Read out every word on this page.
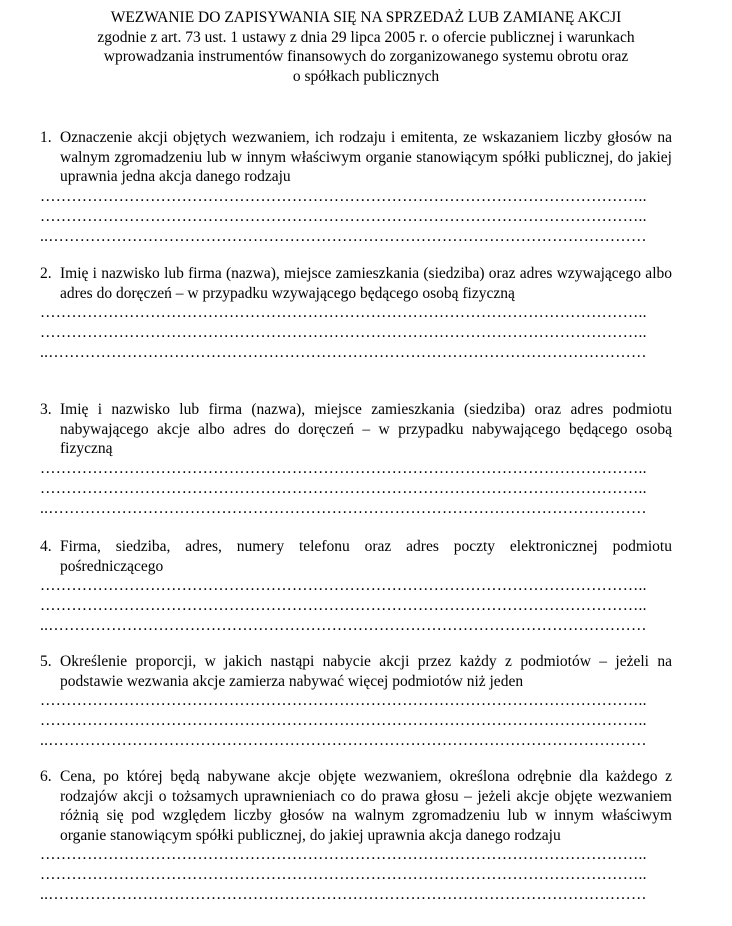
WEZWANIE DO ZAPISYWANIA SIĘ NA SPRZEDAŻ LUB ZAMIANĘ AKCJI
zgodnie z art. 73 ust. 1 ustawy z dnia 29 lipca 2005 r. o ofercie publicznej i warunkach
wprowadzania instrumentów finansowych do zorganizowanego systemu obrotu oraz
o spółkach publicznych
1. Oznaczenie akcji objętych wezwaniem, ich rodzaju i emitenta, ze wskazaniem liczby głosów na walnym zgromadzeniu lub w innym właściwym organie stanowiącym spółki publicznej, do jakiej uprawnia jedna akcja danego rodzaju
……………………………………………………………………………………………………..
……………………………………………………………………………………………………..
..……………………………………………………………………………………………………
2. Imię i nazwisko lub firma (nazwa), miejsce zamieszkania (siedziba) oraz adres wzywającego albo adres do doręczeń – w przypadku wzywającego będącego osobą fizyczną
……………………………………………………………………………………………………..
……………………………………………………………………………………………………..
..……………………………………………………………………………………………………
3. Imię i nazwisko lub firma (nazwa), miejsce zamieszkania (siedziba) oraz adres podmiotu nabywającego akcje albo adres do doręczeń – w przypadku nabywającego będącego osobą fizyczną
……………………………………………………………………………………………………..
……………………………………………………………………………………………………..
..……………………………………………………………………………………………………
4. Firma, siedziba, adres, numery telefonu oraz adres poczty elektronicznej podmiotu pośredniczącego
……………………………………………………………………………………………………..
……………………………………………………………………………………………………..
..……………………………………………………………………………………………………
5. Określenie proporcji, w jakich nastąpi nabycie akcji przez każdy z podmiotów – jeżeli na podstawie wezwania akcje zamierza nabywać więcej podmiotów niż jeden
……………………………………………………………………………………………………..
……………………………………………………………………………………………………..
..……………………………………………………………………………………………………
6. Cena, po której będą nabywane akcje objęte wezwaniem, określona odrębnie dla każdego z rodzajów akcji o tożsamych uprawnieniach co do prawa głosu – jeżeli akcje objęte wezwaniem różnią się pod względem liczby głosów na walnym zgromadzeniu lub w innym właściwym organie stanowiącym spółki publicznej, do jakiej uprawnia akcja danego rodzaju
……………………………………………………………………………………………………..
……………………………………………………………………………………………………..
..……………………………………………………………………………………………………
